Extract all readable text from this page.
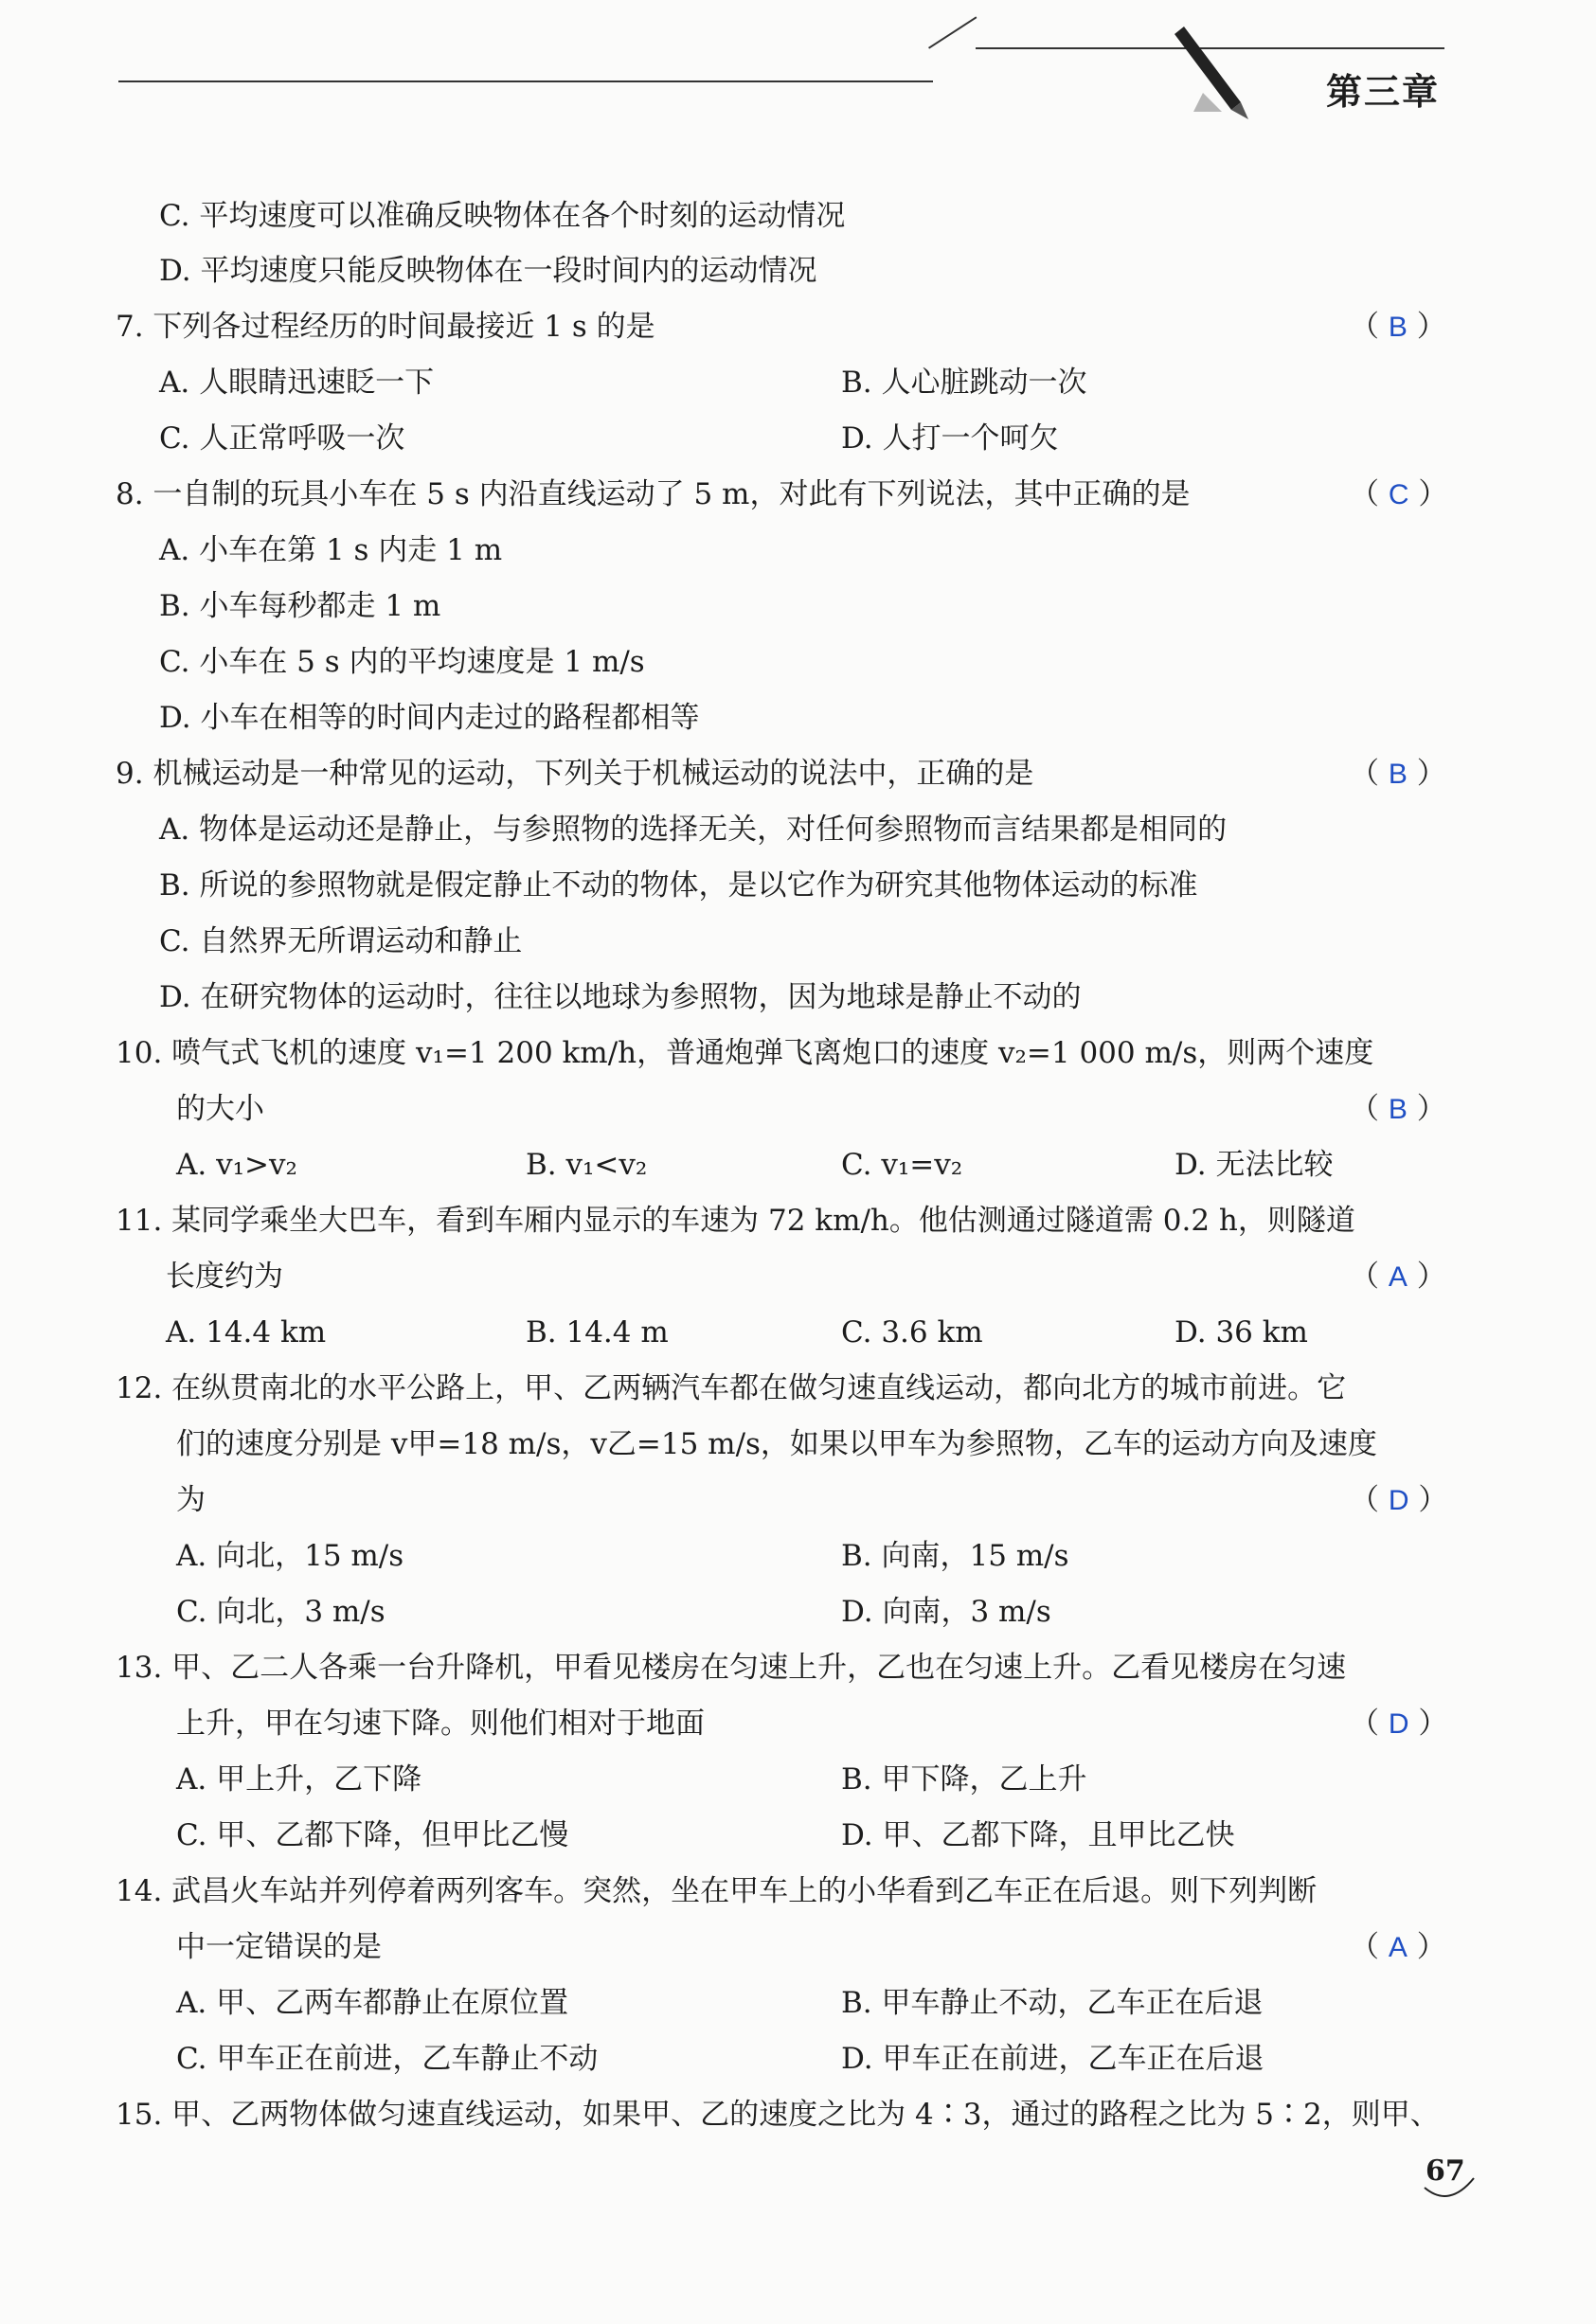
第三章
C. 平均速度可以准确反映物体在各个时刻的运动情况
D. 平均速度只能反映物体在一段时间内的运动情况
7. 下列各过程经历的时间最接近 1 s 的是	（ B ）
A. 人眼睛迅速眨一下	B. 人心脏跳动一次
C. 人正常呼吸一次	D. 人打一个呵欠
8. 一自制的玩具小车在 5 s 内沿直线运动了 5 m，对此有下列说法，其中正确的是	（ C ）
A. 小车在第 1 s 内走 1 m
B. 小车每秒都走 1 m
C. 小车在 5 s 内的平均速度是 1 m/s
D. 小车在相等的时间内走过的路程都相等
9. 机械运动是一种常见的运动，下列关于机械运动的说法中，正确的是	（ B ）
A. 物体是运动还是静止，与参照物的选择无关，对任何参照物而言结果都是相同的
B. 所说的参照物就是假定静止不动的物体，是以它作为研究其他物体运动的标准
C. 自然界无所谓运动和静止
D. 在研究物体的运动时，往往以地球为参照物，因为地球是静止不动的
10. 喷气式飞机的速度 v₁=1 200 km/h，普通炮弹飞离炮口的速度 v₂=1 000 m/s，则两个速度
的大小	（ B ）
A. v₁>v₂	B. v₁<v₂	C. v₁=v₂	D. 无法比较
11. 某同学乘坐大巴车，看到车厢内显示的车速为 72 km/h。他估测通过隧道需 0.2 h，则隧道
长度约为	（ A ）
A. 14.4 km	B. 14.4 m	C. 3.6 km	D. 36 km
12. 在纵贯南北的水平公路上，甲、乙两辆汽车都在做匀速直线运动，都向北方的城市前进。它
们的速度分别是 v甲=18 m/s，v乙=15 m/s，如果以甲车为参照物，乙车的运动方向及速度
为	（ D ）
A. 向北，15 m/s	B. 向南，15 m/s
C. 向北，3 m/s	D. 向南，3 m/s
13. 甲、乙二人各乘一台升降机，甲看见楼房在匀速上升，乙也在匀速上升。乙看见楼房在匀速
上升，甲在匀速下降。则他们相对于地面	（ D ）
A. 甲上升，乙下降	B. 甲下降，乙上升
C. 甲、乙都下降，但甲比乙慢	D. 甲、乙都下降，且甲比乙快
14. 武昌火车站并列停着两列客车。突然，坐在甲车上的小华看到乙车正在后退。则下列判断
中一定错误的是	（ A ）
A. 甲、乙两车都静止在原位置	B. 甲车静止不动，乙车正在后退
C. 甲车正在前进，乙车静止不动	D. 甲车正在前进，乙车正在后退
15. 甲、乙两物体做匀速直线运动，如果甲、乙的速度之比为 4∶3，通过的路程之比为 5∶2，则甲、
67
